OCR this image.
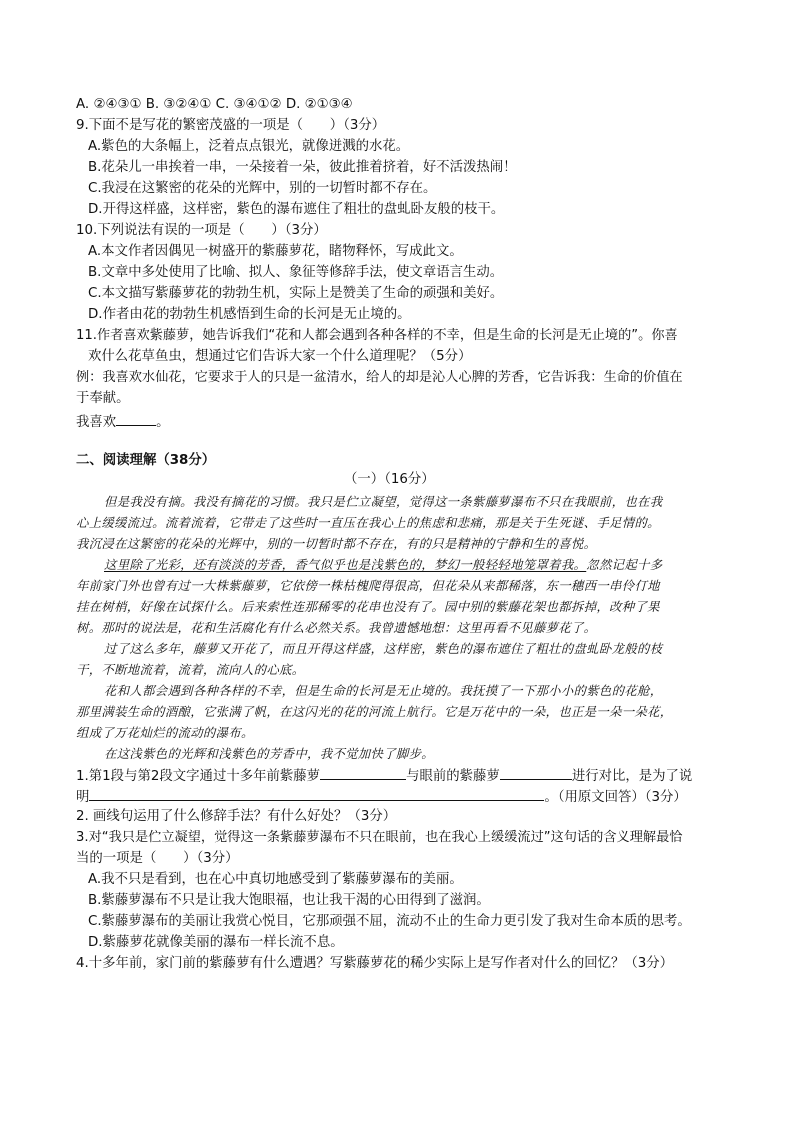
A. ②④③① B. ③②④① C. ③④①② D. ②①③④
9.下面不是写花的繁密茂盛的一项是（　　）（3分）
A.紫色的大条幅上，泛着点点银光，就像迸溅的水花。
B.花朵儿一串挨着一串，一朵接着一朵，彼此推着挤着，好不活泼热闹！
C.我浸在这繁密的花朵的光辉中，别的一切暂时都不存在。
D.开得这样盛，这样密，紫色的瀑布遮住了粗壮的盘虬卧友般的枝干。
10.下列说法有误的一项是（　　）（3分）
A.本文作者因偶见一树盛开的紫藤萝花，睹物释怀，写成此文。
B.文章中多处使用了比喻、拟人、象征等修辞手法，使文章语言生动。
C.本文描写紫藤萝花的勃勃生机，实际上是赞美了生命的顽强和美好。
D.作者由花的勃勃生机感悟到生命的长河是无止境的。
11.作者喜欢紫藤萝，她告诉我们“花和人都会遇到各种各样的不幸，但是生命的长河是无止境的”。你喜
欢什么花草鱼虫，想通过它们告诉大家一个什么道理呢？（5分）
例：我喜欢水仙花，它要求于人的只是一盆清水，给人的却是沁人心脾的芳香，它告诉我：生命的价值在
于奉献。
我喜欢	。
二、阅读理解（38分）
（一）（16分）
但是我没有摘。我没有摘花的习惯。我只是伫立凝望，觉得这一条紫藤萝瀑布不只在我眼前，也在我
心上缓缓流过。流着流着，它带走了这些时一直压在我心上的焦虑和悲痛，那是关于生死谜、手足情的。
我沉浸在这繁密的花朵的光辉中，别的一切暂时都不存在，有的只是精神的宁静和生的喜悦。
这里除了光彩，还有淡淡的芳香，香气似乎也是浅紫色的，梦幻一般轻轻地笼罩着我。忽然记起十多
年前家门外也曾有过一大株紫藤萝，它依傍一株枯槐爬得很高，但花朵从来都稀落，东一穗西一串伶仃地
挂在树梢，好像在试探什么。后来索性连那稀零的花串也没有了。园中别的紫藤花架也都拆掉，改种了果
树。那时的说法是，花和生活腐化有什么必然关系。我曾遗憾地想：这里再看不见藤萝花了。
过了这么多年，藤萝又开花了，而且开得这样盛，这样密，紫色的瀑布遮住了粗壮的盘虬卧龙般的枝
干，不断地流着，流着，流向人的心底。
花和人都会遇到各种各样的不幸，但是生命的长河是无止境的。我抚摸了一下那小小的紫色的花舱，
那里满装生命的酒酿，它张满了帆，在这闪光的花的河流上航行。它是万花中的一朵，也正是一朵一朵花，
组成了万花灿烂的流动的瀑布。
在这浅紫色的光辉和浅紫色的芳香中，我不觉加快了脚步。
1.第1段与第2段文字通过十多年前紫藤萝	与眼前的紫藤萝	进行对比，是为了说
明	。（用原文回答）（3分）
2. 画线句运用了什么修辞手法？有什么好处？（3分）
3.对“我只是伫立凝望，觉得这一条紫藤萝瀑布不只在眼前，也在我心上缓缓流过”这句话的含义理解最恰
当的一项是（　　）（3分）
A.我不只是看到，也在心中真切地感受到了紫藤萝瀑布的美丽。
B.紫藤萝瀑布不只是让我大饱眼福，也让我干渴的心田得到了滋润。
C.紫藤萝瀑布的美丽让我赏心悦目，它那顽强不屈，流动不止的生命力更引发了我对生命本质的思考。
D.紫藤萝花就像美丽的瀑布一样长流不息。
4.十多年前，家门前的紫藤萝有什么遭遇？写紫藤萝花的稀少实际上是写作者对什么的回忆？（3分）
